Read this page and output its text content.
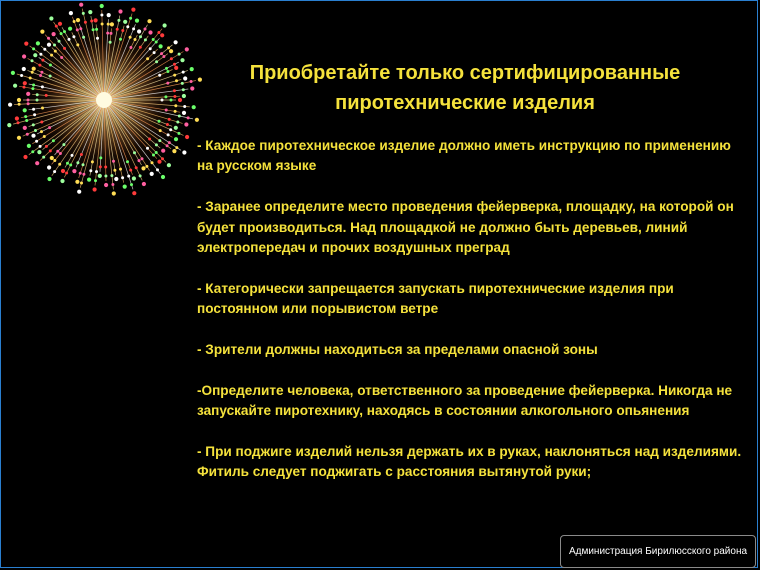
Приобретайте только сертифицированные
пиротехнические изделия

- Каждое пиротехническое изделие должно иметь инструкцию по применению на русском языке

- Заранее определите место проведения фейерверка, площадку, на которой он будет производиться. Над площадкой не должно быть деревьев, линий электропередач и прочих воздушных преград

- Категорически запрещается запускать пиротехнические изделия при постоянном или порывистом ветре

- Зрители должны находиться за пределами опасной зоны

-Определите человека, ответственного за проведение фейерверка. Никогда не запускайте пиротехнику, находясь в состоянии алкогольного опьянения

- При поджиге изделий нельзя держать их в руках, наклоняться над изделиями. Фитиль следует поджигать с расстояния вытянутой руки;

Администрация Бирилюсского района
